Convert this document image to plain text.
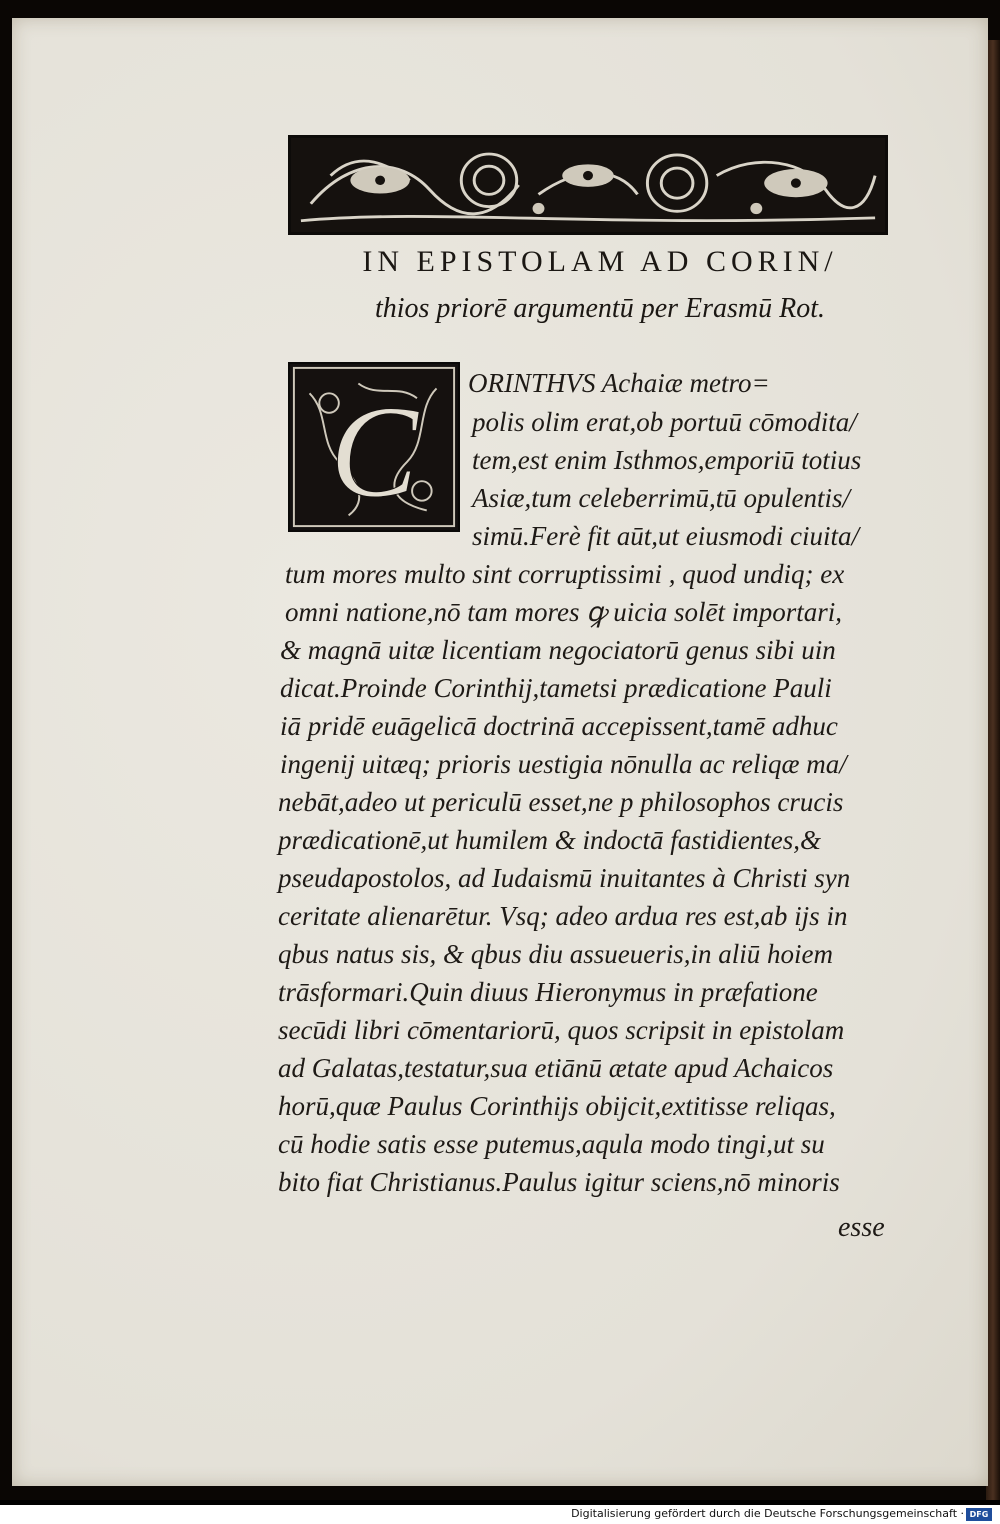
IN EPISTOLAM AD CORIN/
thios priorē argumentū per Erasmū Rot.
C ORINTHVS Achaiæ metro=
polis olim erat,ob portuū cōmodita/
tem,est enim Isthmos,emporiū totius
Asiæ,tum celeberrimū,tū opulentis/
simū.Ferè fit aūt,ut eiusmodi ciuita/
tum mores multo sint corruptissimi , quod undiq; ex
omni natione,nō tam mores ꝙ uicia solēt importari,
& magnā uitæ licentiam negociatorū genus sibi uin
dicat.Proinde Corinthij,tametsi prædicatione Pauli
iā pridē euāgelicā doctrinā accepissent,tamē adhuc
ingenij uitæq; prioris uestigia nōnulla ac reliqæ ma/
nebāt,adeo ut periculū esset,ne p philosophos crucis
prædicationē,ut humilem & indoctā fastidientes,&
pseudapostolos, ad Iudaismū inuitantes à Christi syn
ceritate alienarētur. Vsq; adeo ardua res est,ab ijs in
qbus natus sis, & qbus diu assueueris,in aliū hoiem
trāsformari.Quin diuus Hieronymus in præfatione
secūdi libri cōmentariorū, quos scripsit in epistolam
ad Galatas,testatur,sua etiānū ætate apud Achaicos
horū,quæ Paulus Corinthijs obijcit,extitisse reliqas,
cū hodie satis esse putemus,aqula modo tingi,ut su
bito fiat Christianus.Paulus igitur sciens,nō minoris
esse
Digitalisierung gefördert durch die Deutsche Forschungsgemeinschaft · DFG
